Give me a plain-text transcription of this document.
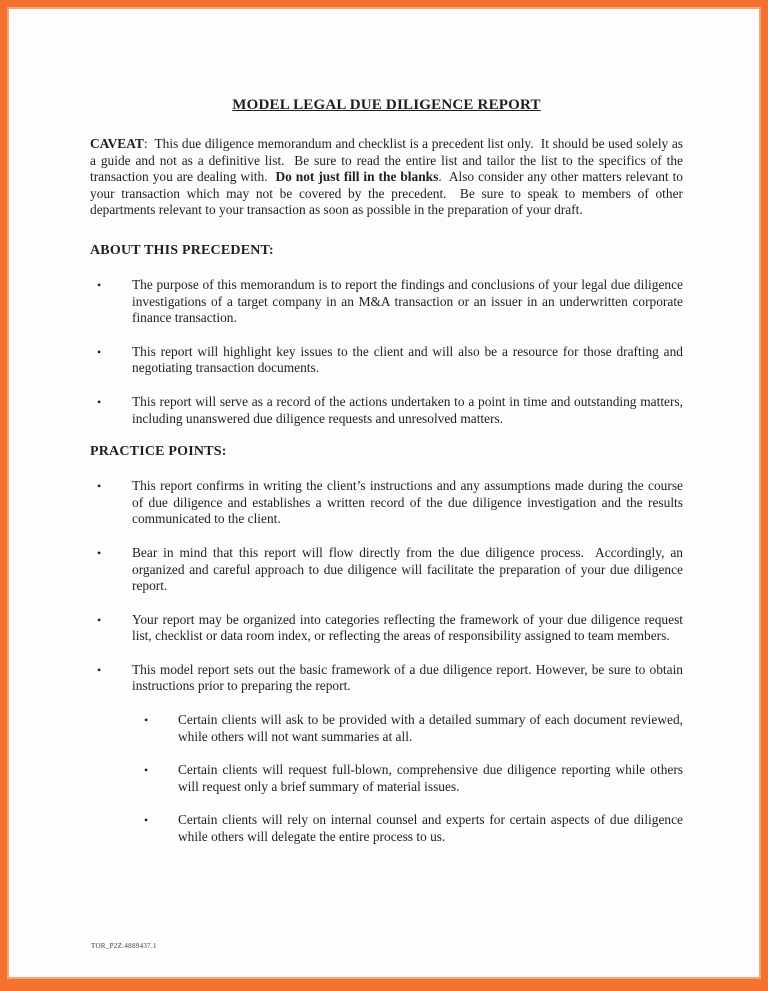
MODEL LEGAL DUE DILIGENCE REPORT

CAVEAT:  This due diligence memorandum and checklist is a precedent list only.  It should be used solely as a guide and not as a definitive list.  Be sure to read the entire list and tailor the list to the specifics of the transaction you are dealing with.  Do not just fill in the blanks.  Also consider any other matters relevant to your transaction which may not be covered by the precedent.  Be sure to speak to members of other departments relevant to your transaction as soon as possible in the preparation of your draft.

ABOUT THIS PRECEDENT:
•	The purpose of this memorandum is to report the findings and conclusions of your legal due diligence investigations of a target company in an M&A transaction or an issuer in an underwritten corporate finance transaction.
•	This report will highlight key issues to the client and will also be a resource for those drafting and negotiating transaction documents.
•	This report will serve as a record of the actions undertaken to a point in time and outstanding matters, including unanswered due diligence requests and unresolved matters.
PRACTICE POINTS:
•	This report confirms in writing the client’s instructions and any assumptions made during the course of due diligence and establishes a written record of the due diligence investigation and the results communicated to the client.
•	Bear in mind that this report will flow directly from the due diligence process.  Accordingly, an organized and careful approach to due diligence will facilitate the preparation of your due diligence report.
•	Your report may be organized into categories reflecting the framework of your due diligence request list, checklist or data room index, or reflecting the areas of responsibility assigned to team members.
•	This model report sets out the basic framework of a due diligence report. However, be sure to obtain instructions prior to preparing the report.
•	Certain clients will ask to be provided with a detailed summary of each document reviewed, while others will not want summaries at all.
•	Certain clients will request full-blown, comprehensive due diligence reporting while others will request only a brief summary of material issues.
•	Certain clients will rely on internal counsel and experts for certain aspects of due diligence while others will delegate the entire process to us.
TOR_P2Z:4889437.1
